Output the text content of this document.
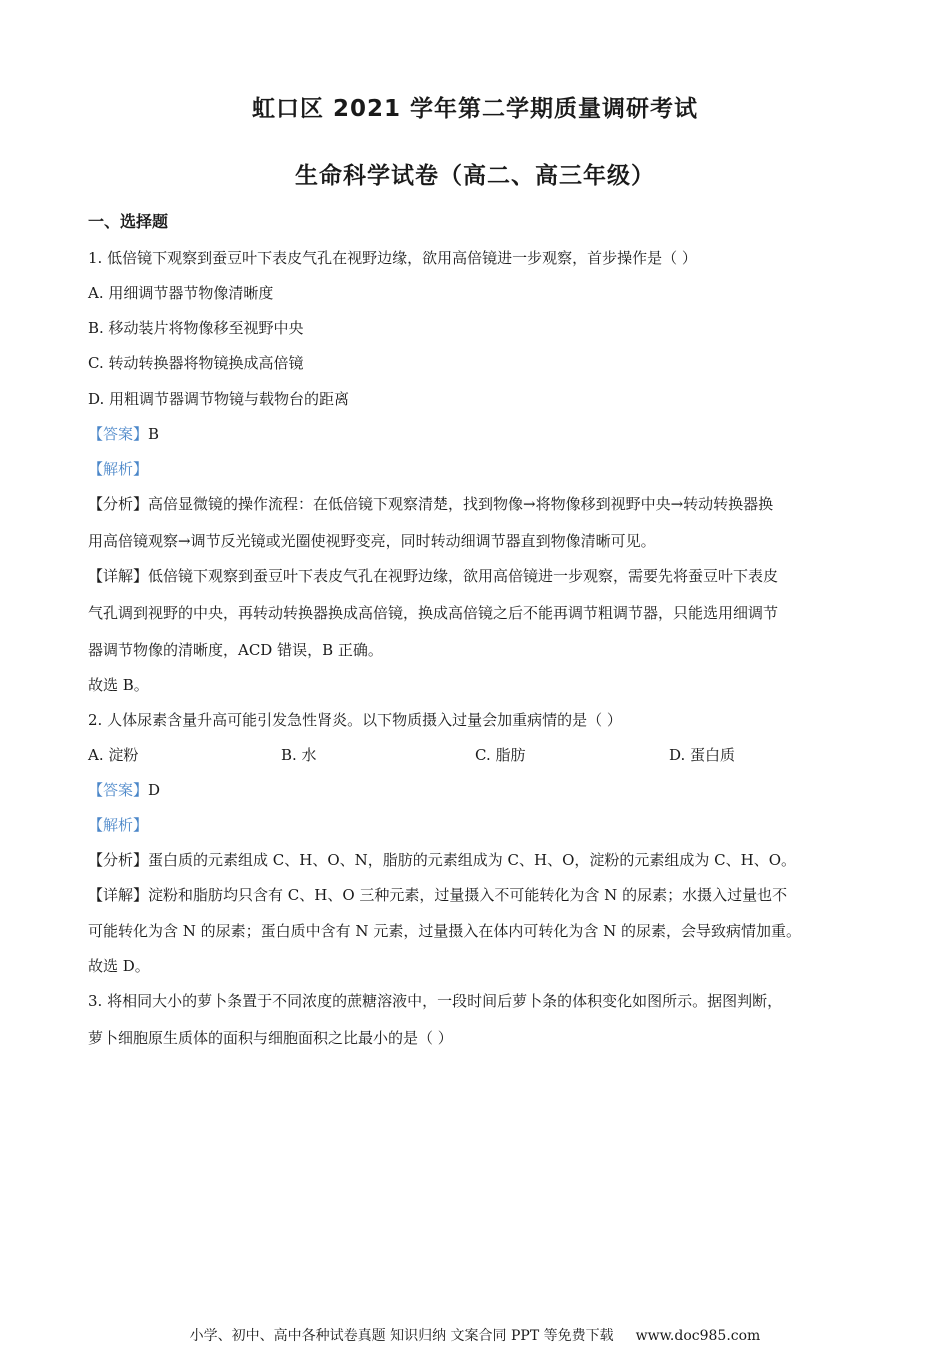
虹口区 2021 学年第二学期质量调研考试
生命科学试卷（高二、高三年级）
一、选择题
1. 低倍镜下观察到蚕豆叶下表皮气孔在视野边缘，欲用高倍镜进一步观察，首步操作是（ ）
A. 用细调节器节物像清晰度
B. 移动装片将物像移至视野中央
C. 转动转换器将物镜换成高倍镜
D. 用粗调节器调节物镜与载物台的距离
【答案】B
【解析】
【分析】高倍显微镜的操作流程：在低倍镜下观察清楚，找到物像→将物像移到视野中央→转动转换器换
用高倍镜观察→调节反光镜或光圈使视野变亮，同时转动细调节器直到物像清晰可见。
【详解】低倍镜下观察到蚕豆叶下表皮气孔在视野边缘，欲用高倍镜进一步观察，需要先将蚕豆叶下表皮
气孔调到视野的中央，再转动转换器换成高倍镜，换成高倍镜之后不能再调节粗调节器，只能选用细调节
器调节物像的清晰度，ACD 错误，B 正确。
故选 B。
2. 人体尿素含量升高可能引发急性肾炎。以下物质摄入过量会加重病情的是（ ）
A. 淀粉	B. 水	C. 脂肪	D. 蛋白质
【答案】D
【解析】
【分析】蛋白质的元素组成 C、H、O、N，脂肪的元素组成为 C、H、O，淀粉的元素组成为 C、H、O。
【详解】淀粉和脂肪均只含有 C、H、O 三种元素，过量摄入不可能转化为含 N 的尿素；水摄入过量也不
可能转化为含 N 的尿素；蛋白质中含有 N 元素，过量摄入在体内可转化为含 N 的尿素，会导致病情加重。
故选 D。
3. 将相同大小的萝卜条置于不同浓度的蔗糖溶液中，一段时间后萝卜条的体积变化如图所示。据图判断，
萝卜细胞原生质体的面积与细胞面积之比最小的是（ ）
小学、初中、高中各种试卷真题 知识归纳 文案合同 PPT 等免费下载 www.doc985.com
